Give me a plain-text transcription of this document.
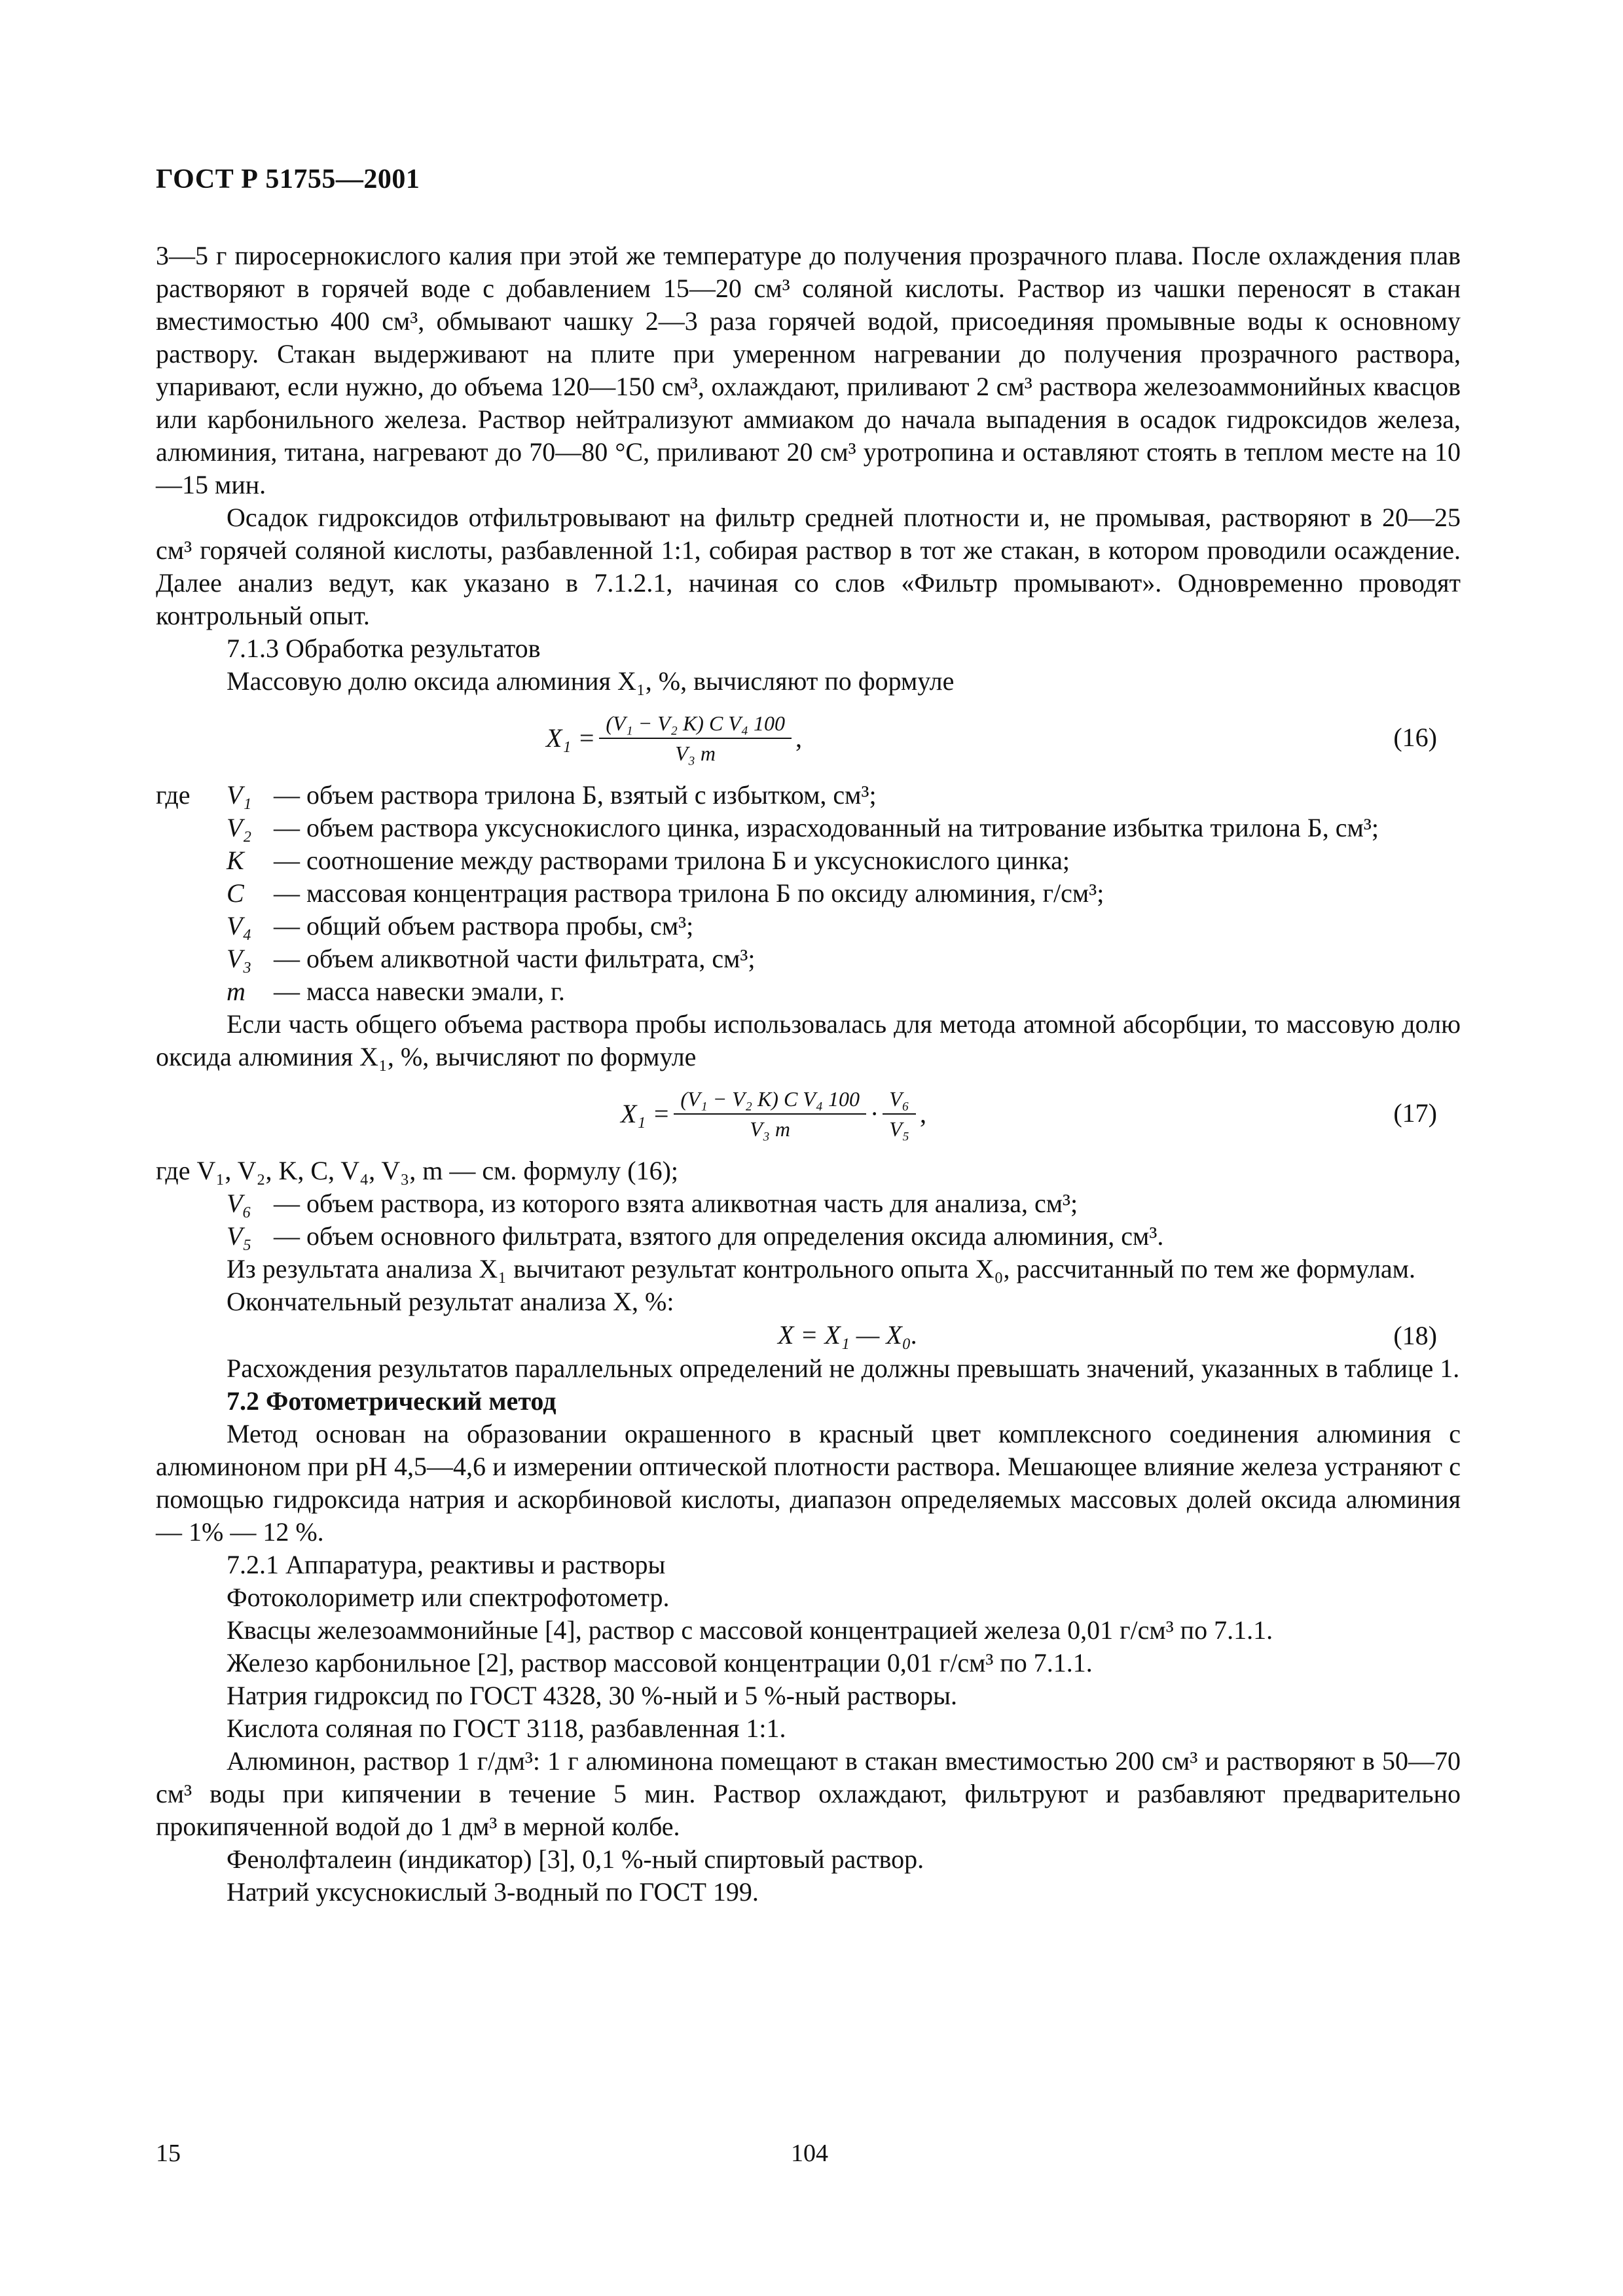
ГОСТ Р 51755—2001

3—5 г пиросернокислого калия при этой же температуре до получения прозрачного плава. После охлаждения плав растворяют в горячей воде с добавлением 15—20 см³ соляной кислоты. Раствор из чашки переносят в стакан вместимостью 400 см³, обмывают чашку 2—3 раза горячей водой, присоединяя промывные воды к основному раствору. Стакан выдерживают на плите при умеренном нагревании до получения прозрачного раствора, упаривают, если нужно, до объема 120—150 см³, охлаждают, приливают 2 см³ раствора железоаммонийных квасцов или карбонильного железа. Раствор нейтрализуют аммиаком до начала выпадения в осадок гидроксидов железа, алюминия, титана, нагревают до 70—80 °С, приливают 20 см³ уротропина и оставляют стоять в теплом месте на 10—15 мин.

Осадок гидроксидов отфильтровывают на фильтр средней плотности и, не промывая, растворяют в 20—25 см³ горячей соляной кислоты, разбавленной 1:1, собирая раствор в тот же стакан, в котором проводили осаждение. Далее анализ ведут, как указано в 7.1.2.1, начиная со слов «Фильтр промывают». Одновременно проводят контрольный опыт.

7.1.3 Обработка результатов

Массовую долю оксида алюминия X₁, %, вычисляют по формуле

$X_1 = \frac{\text{(V₁ − V₂ K) C V₄ 100}}{\text{V₃ m}}$ ,	(16)
где	V₁ — объем раствора трилона Б, взятый с избытком, см³;
V₂ — объем раствора уксуснокислого цинка, израсходованный на титрование избытка трилона Б, см³;
K	— соотношение между растворами трилона Б и уксуснокислого цинка;
C	— массовая концентрация раствора трилона Б по оксиду алюминия, г/см³;
V₄ — общий объем раствора пробы, см³;
V₃ — объем аликвотной части фильтрата, см³;
m	— масса навески эмали, г.

Если часть общего объема раствора пробы использовалась для метода атомной абсорбции, то массовую долю оксида алюминия X₁, %, вычисляют по формуле

$X_1 = \frac{\text{(V₁ − V₂ K) C V₄ 100}}{\text{V₃ m}} \cdot \frac{\text{V₆}}{\text{V₅}}$ ,	(17)

где V₁, V₂, K, C, V₄, V₃, m — см. формулу (16);

V₆ — объем раствора, из которого взята аликвотная часть для анализа, см³;
V₅ — объем основного фильтрата, взятого для определения оксида алюминия, см³.

Из результата анализа X₁ вычитают результат контрольного опыта X₀, рассчитанный по тем же формулам.

Окончательный результат анализа X, %:

X = X₁ — X₀.	(18)

Расхождения результатов параллельных определений не должны превышать значений, указанных в таблице 1.

7.2 Фотометрический метод

Метод основан на образовании окрашенного в красный цвет комплексного соединения алюминия с алюминоном при pH 4,5—4,6 и измерении оптической плотности раствора. Мешающее влияние железа устраняют с помощью гидроксида натрия и аскорбиновой кислоты, диапазон определяемых массовых долей оксида алюминия — 1% — 12 %.

7.2.1 Аппаратура, реактивы и растворы

Фотоколориметр или спектрофотометр.

Квасцы железоаммонийные [4], раствор с массовой концентрацией железа 0,01 г/см³ по 7.1.1.

Железо карбонильное [2], раствор массовой концентрации 0,01 г/см³ по 7.1.1.

Натрия гидроксид по ГОСТ 4328, 30 %-ный и 5 %-ный растворы.

Кислота соляная по ГОСТ 3118, разбавленная 1:1.

Алюминон, раствор 1 г/дм³: 1 г алюминона помещают в стакан вместимостью 200 см³ и растворяют в 50—70 см³ воды при кипячении в течение 5 мин. Раствор охлаждают, фильтруют и разбавляют предварительно прокипяченной водой до 1 дм³ в мерной колбе.

Фенолфталеин (индикатор) [3], 0,1 %-ный спиртовый раствор.

Натрий уксуснокислый 3-водный по ГОСТ 199.

15	104
